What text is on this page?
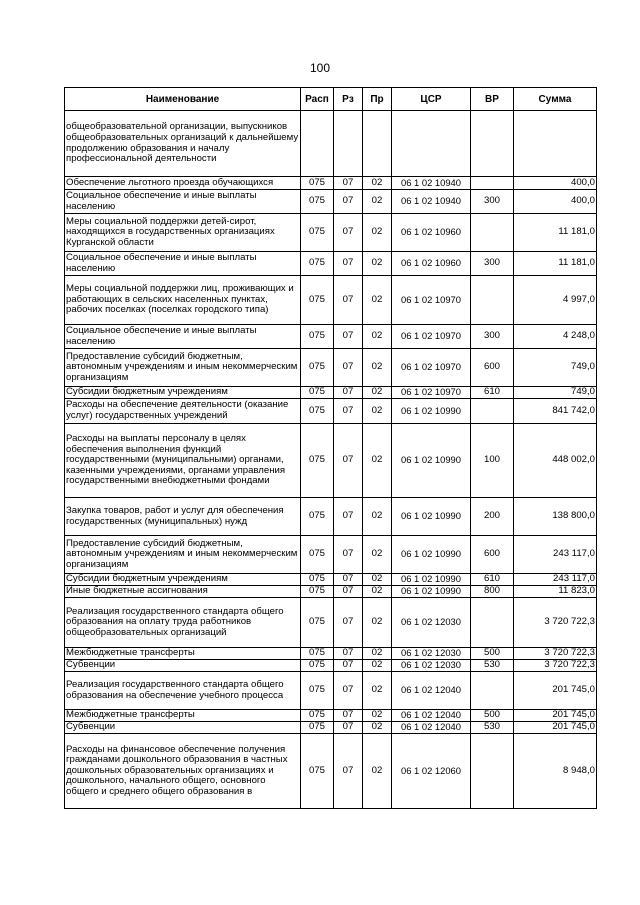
100
Наименование	Расп	Рз	Пр	ЦСР	ВР	Сумма
общеобразовательной организации, выпускников общеобразовательных организаций к дальнейшему продолжению образования и началу профессиональной деятельности						
Обеспечение льготного проезда обучающихся	075	07	02	06 1 02 10940		400,0
Социальное обеспечение и иные выплаты населению	075	07	02	06 1 02 10940	300	400,0
Меры социальной поддержки детей-сирот, находящихся в государственных организациях Курганской области	075	07	02	06 1 02 10960		11 181,0
Социальное обеспечение и иные выплаты населению	075	07	02	06 1 02 10960	300	11 181,0
Меры социальной поддержки лиц, проживающих и работающих в сельских населенных пунктах, рабочих поселках (поселках городского типа)	075	07	02	06 1 02 10970		4 997,0
Социальное обеспечение и иные выплаты населению	075	07	02	06 1 02 10970	300	4 248,0
Предоставление субсидий бюджетным, автономным учреждениям и иным некоммерческим организациям	075	07	02	06 1 02 10970	600	749,0
Субсидии бюджетным учреждениям	075	07	02	06 1 02 10970	610	749,0
Расходы на обеспечение деятельности (оказание услуг) государственных учреждений	075	07	02	06 1 02 10990		841 742,0
Расходы на выплаты персоналу в целях обеспечения выполнения функций государственными (муниципальными) органами, казенными учреждениями, органами управления государственными внебюджетными фондами	075	07	02	06 1 02 10990	100	448 002,0
Закупка товаров, работ и услуг для обеспечения государственных (муниципальных) нужд	075	07	02	06 1 02 10990	200	138 800,0
Предоставление субсидий бюджетным, автономным учреждениям и иным некоммерческим организациям	075	07	02	06 1 02 10990	600	243 117,0
Субсидии бюджетным учреждениям	075	07	02	06 1 02 10990	610	243 117,0
Иные бюджетные ассигнования	075	07	02	06 1 02 10990	800	11 823,0
Реализация государственного стандарта общего образования на оплату труда работников общеобразовательных организаций	075	07	02	06 1 02 12030		3 720 722,3
Межбюджетные трансферты	075	07	02	06 1 02 12030	500	3 720 722,3
Субвенции	075	07	02	06 1 02 12030	530	3 720 722,3
Реализация государственного стандарта общего образования на обеспечение учебного процесса	075	07	02	06 1 02 12040		201 745,0
Межбюджетные трансферты	075	07	02	06 1 02 12040	500	201 745,0
Субвенции	075	07	02	06 1 02 12040	530	201 745,0
Расходы на финансовое обеспечение получения гражданами дошкольного образования в частных дошкольных образовательных организациях и дошкольного, начального общего, основного общего и среднего общего образования в	075	07	02	06 1 02 12060		8 948,0
